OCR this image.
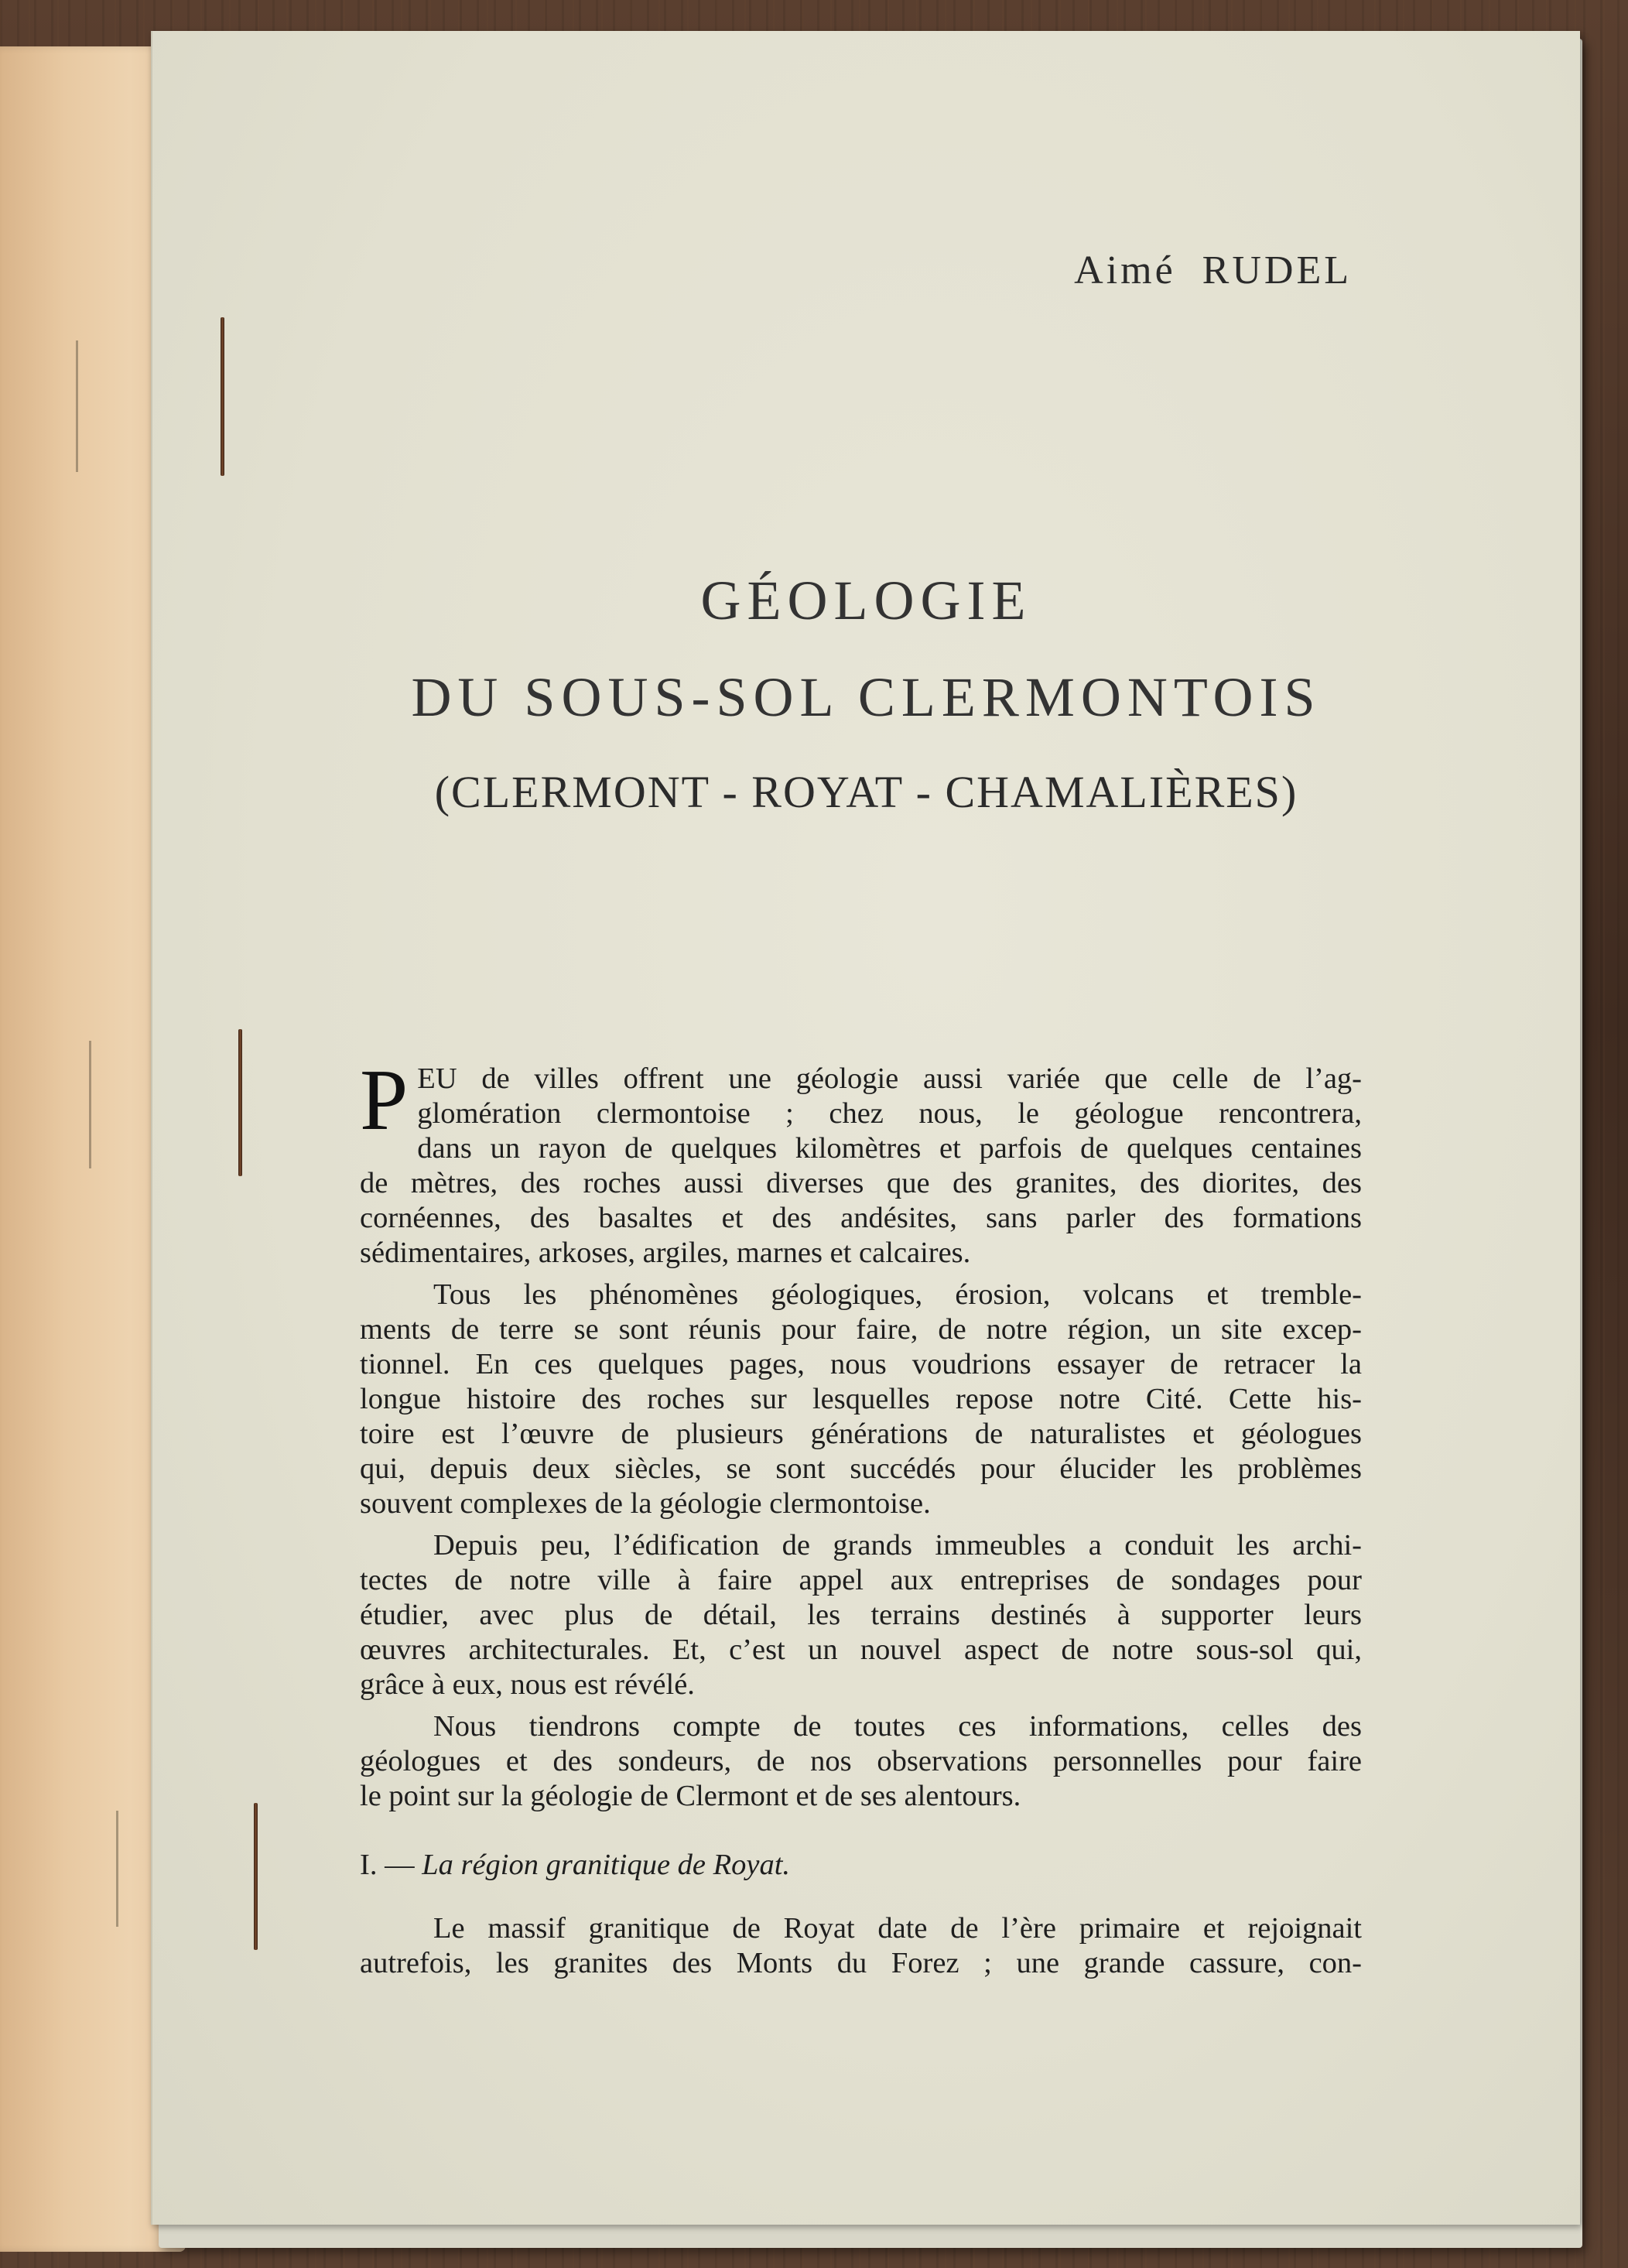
Aimé RUDEL
GÉOLOGIE
DU SOUS-SOL CLERMONTOIS
(CLERMONT - ROYAT - CHAMALIÈRES)
P EU de villes offrent une géologie aussi variée que celle de l’ag-
glomération clermontoise ; chez nous, le géologue rencontrera,
dans un rayon de quelques kilomètres et parfois de quelques centaines
de mètres, des roches aussi diverses que des granites, des diorites, des
cornéennes, des basaltes et des andésites, sans parler des formations
sédimentaires, arkoses, argiles, marnes et calcaires.
Tous les phénomènes géologiques, érosion, volcans et tremble-
ments de terre se sont réunis pour faire, de notre région, un site excep-
tionnel. En ces quelques pages, nous voudrions essayer de retracer la
longue histoire des roches sur lesquelles repose notre Cité. Cette his-
toire est l’œuvre de plusieurs générations de naturalistes et géologues
qui, depuis deux siècles, se sont succédés pour élucider les problèmes
souvent complexes de la géologie clermontoise.
Depuis peu, l’édification de grands immeubles a conduit les archi-
tectes de notre ville à faire appel aux entreprises de sondages pour
étudier, avec plus de détail, les terrains destinés à supporter leurs
œuvres architecturales. Et, c’est un nouvel aspect de notre sous-sol qui,
grâce à eux, nous est révélé.
Nous tiendrons compte de toutes ces informations, celles des
géologues et des sondeurs, de nos observations personnelles pour faire
le point sur la géologie de Clermont et de ses alentours.
I. — La région granitique de Royat.
Le massif granitique de Royat date de l’ère primaire et rejoignait
autrefois, les granites des Monts du Forez ; une grande cassure, con-
